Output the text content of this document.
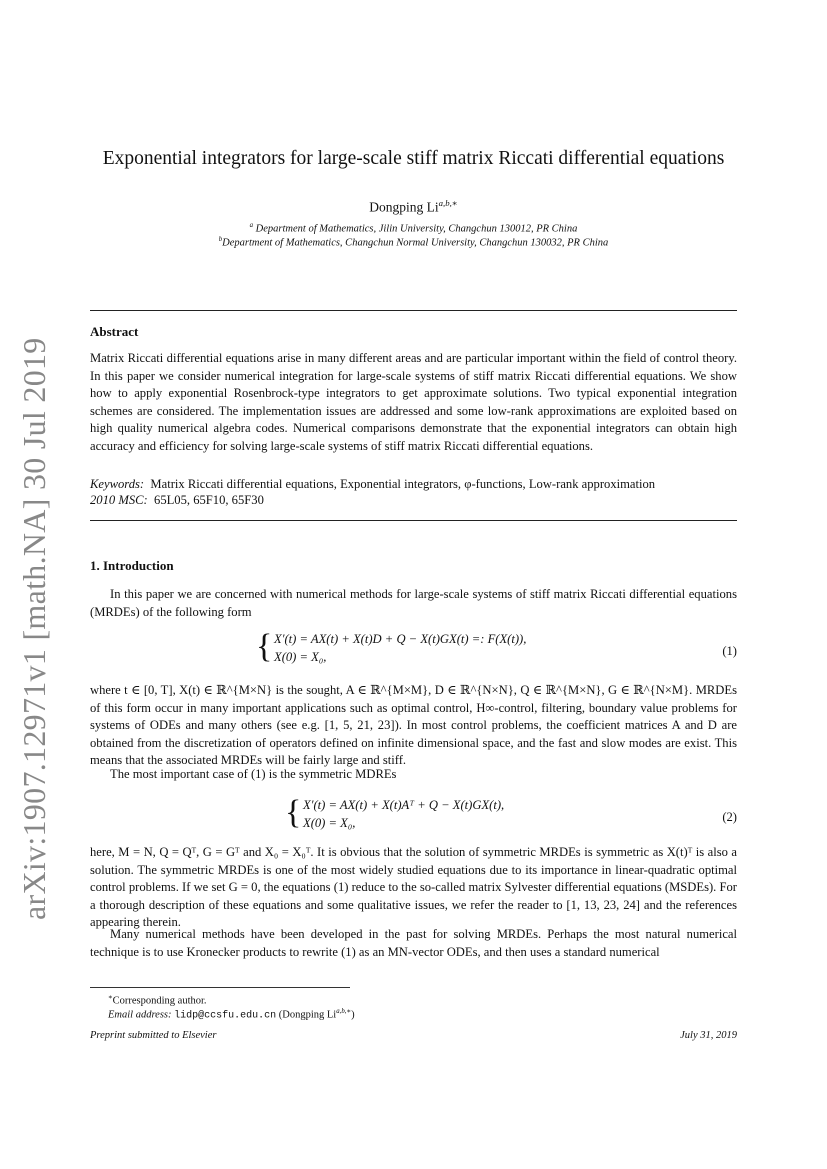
arXiv:1907.12971v1 [math.NA] 30 Jul 2019
Exponential integrators for large-scale stiff matrix Riccati differential equations
Dongping $Li^{a,b,∗}$
$^a$ Department of Mathematics, Jilin University, Changchun 130012, PR China
$^b$Department of Mathematics, Changchun Normal University, Changchun 130032, PR China
Abstract
Matrix Riccati differential equations arise in many different areas and are particular important within the field of control theory. In this paper we consider numerical integration for large-scale systems of stiff matrix Riccati differential equations. We show how to apply exponential Rosenbrock-type integrators to get approximate solutions. Two typical exponential integration schemes are considered. The implementation issues are addressed and some low-rank approximations are exploited based on high quality numerical algebra codes. Numerical comparisons demonstrate that the exponential integrators can obtain high accuracy and efficiency for solving large-scale systems of stiff matrix Riccati differential equations.
Keywords: Matrix Riccati differential equations, Exponential integrators, φ-functions, Low-rank approximation
2010 MSC: 65L05, 65F10, 65F30
1. Introduction
In this paper we are concerned with numerical methods for large-scale systems of stiff matrix Riccati differential equations (MRDEs) of the following form
{ X′(t) = AX(t) + X(t)D + Q − X(t)GX(t) =: F(X(t)),
X(0) = X₀,	(1)
where t ∈ [0, T], X(t) ∈ ℝ^{M×N} is the sought, A ∈ ℝ^{M×M}, D ∈ ℝ^{N×N}, Q ∈ ℝ^{M×N}, G ∈ ℝ^{N×M}. MRDEs of this form occur in many important applications such as optimal control, H∞-control, filtering, boundary value problems for systems of ODEs and many others (see e.g. [1, 5, 21, 23]). In most control problems, the coefficient matrices A and D are obtained from the discretization of operators defined on infinite dimensional space, and the fast and slow modes are exist. This means that the associated MRDEs will be fairly large and stiff.
The most important case of (1) is the symmetric MDREs
{ X′(t) = AX(t) + X(t)Aᵀ + Q − X(t)GX(t),
X(0) = X₀,	(2)
here, M = N, Q = Qᵀ, G = Gᵀ and X₀ = X₀ᵀ. It is obvious that the solution of symmetric MRDEs is symmetric as X(t)ᵀ is also a solution. The symmetric MRDEs is one of the most widely studied equations due to its importance in linear-quadratic optimal control problems. If we set G = 0, the equations (1) reduce to the so-called matrix Sylvester differential equations (MSDEs). For a thorough description of these equations and some qualitative issues, we refer the reader to [1, 13, 23, 24] and the references appearing therein.
Many numerical methods have been developed in the past for solving MRDEs. Perhaps the most natural numerical technique is to use Kronecker products to rewrite (1) as an MN-vector ODEs, and then uses a standard numerical
∗Corresponding author.
Email address: lidp@ccsfu.edu.cn (Dongping $Li^{a,b,∗}$)
Preprint submitted to Elsevier	July 31, 2019
